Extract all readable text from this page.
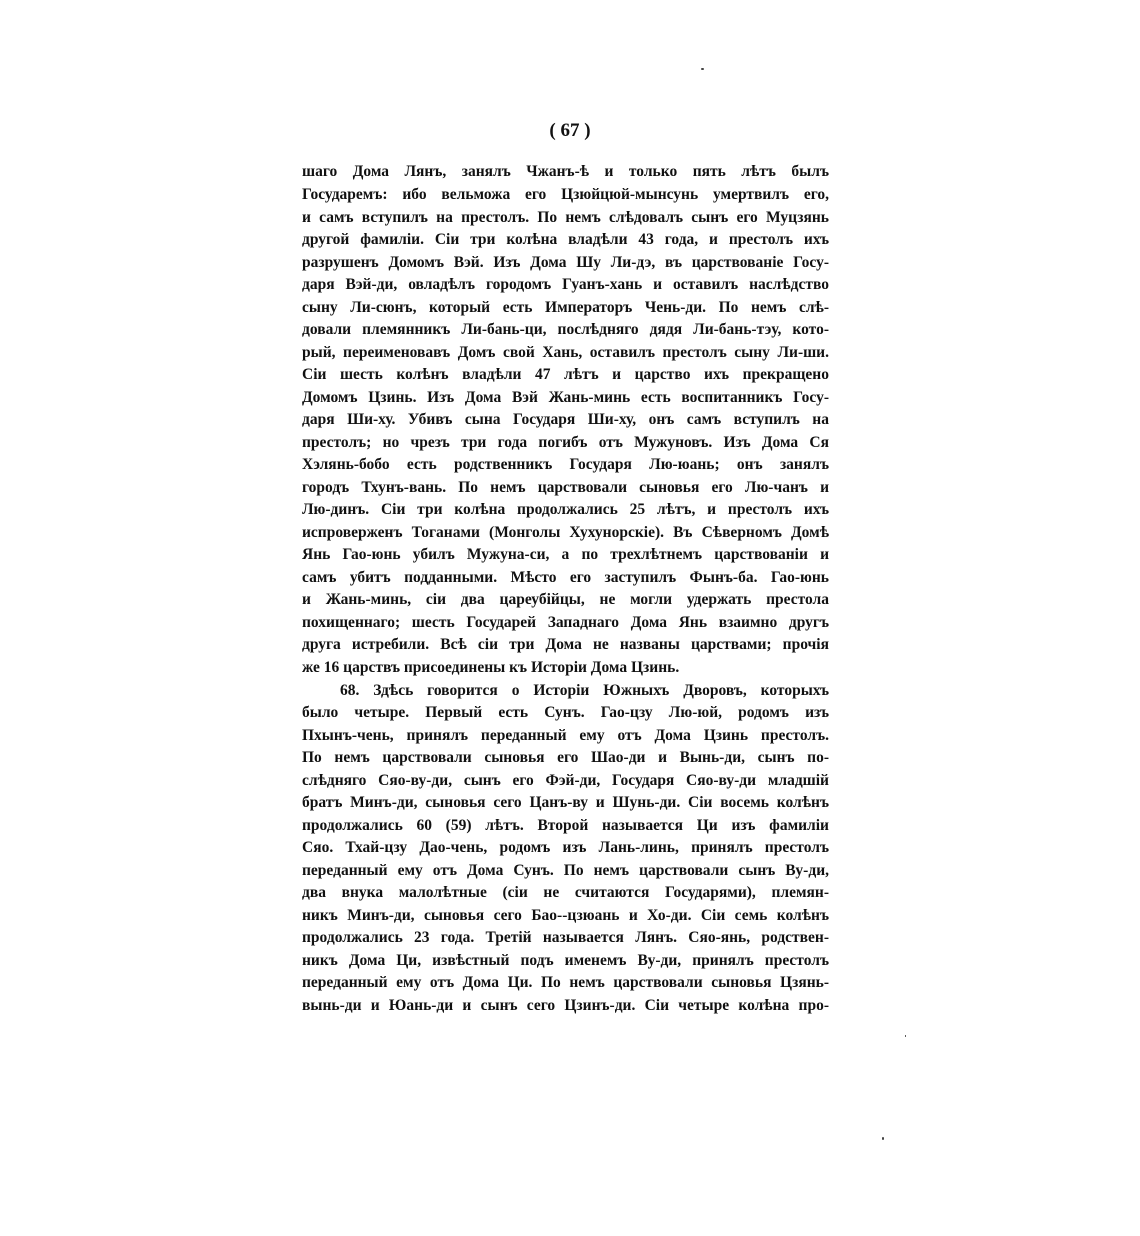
( 67 )
шаго Дома Лянъ, занялъ Чжанъ-ѣ и только пять лѣтъ былъ
Государемъ: ибо вельможа его Цзюйцюй-мынсунь умертвилъ его,
и самъ вступилъ на престолъ. По немъ слѣдовалъ сынъ его Муцзянь
другой фамиліи. Сіи три колѣна владѣли 43 года, и престолъ ихъ
разрушенъ Домомъ Вэй. Изъ Дома Шу Ли-дэ, въ царствованіе Госу-
даря Вэй-ди, овладѣлъ городомъ Гуанъ-хань и оставилъ наслѣдство
сыну Ли-сюнъ, который есть Императоръ Чень-ди. По немъ слѣ-
довали племянникъ Ли-бань-ци, послѣдняго дядя Ли-бань-тэу, кото-
рый, переименовавъ Домъ свой Хань, оставилъ престолъ сыну Ли-ши.
Сіи шесть колѣнъ владѣли 47 лѣтъ и царство ихъ прекращено
Домомъ Цзинь. Изъ Дома Вэй Жань-минь есть воспитанникъ Госу-
даря Ши-ху. Убивъ сына Государя Ши-ху, онъ самъ вступилъ на
престолъ; но чрезъ три года погибъ отъ Мужуновъ. Изъ Дома Ся
Хэлянь-бобо есть родственникъ Государя Лю-юань; онъ занялъ
городъ Тхунъ-вань. По немъ царствовали сыновья его Лю-чанъ и
Лю-динъ. Сіи три колѣна продолжались 25 лѣтъ, и престолъ ихъ
испроверженъ Тоганами (Монголы Хухунорскіе). Въ Сѣверномъ Домѣ
Янь Гао-юнь убилъ Мужуна-си, а по трехлѣтнемъ царствованіи и
самъ убитъ подданными. Мѣсто его заступилъ Фынъ-ба. Гао-юнь
и Жань-минь, сіи два цареубійцы, не могли удержать престола
похищеннаго; шесть Государей Западнаго Дома Янь взаимно другъ
друга истребили. Всѣ сіи три Дома не названы царствами; прочія
же 16 царствъ присоединены къ Исторіи Дома Цзинь.
68. Здѣсь говорится о Исторіи Южныхъ Дворовъ, которыхъ
было четыре. Первый есть Сунъ. Гао-цзу Лю-юй, родомъ изъ
Пхынъ-чень, принялъ переданный ему отъ Дома Цзинь престолъ.
По немъ царствовали сыновья его Шао-ди и Вынь-ди, сынъ по-
слѣдняго Сяо-ву-ди, сынъ его Фэй-ди, Государя Сяо-ву-ди младшій
братъ Минъ-ди, сыновья сего Цанъ-ву и Шунь-ди. Сіи восемь колѣнъ
продолжались 60 (59) лѣтъ. Второй называется Ци изъ фамиліи
Сяо. Тхай-цзу Дао-чень, родомъ изъ Лань-линь, принялъ престолъ
переданный ему отъ Дома Сунъ. По немъ царствовали сынъ Ву-ди,
два внука малолѣтные (сіи не считаются Государями), племян-
никъ Минъ-ди, сыновья сего Бао--цзюань и Хо-ди. Сіи семь колѣнъ
продолжались 23 года. Третій называется Лянъ. Сяо-янь, родствен-
никъ Дома Ци, извѣстный подъ именемъ Ву-ди, принялъ престолъ
переданный ему отъ Дома Ци. По немъ царствовали сыновья Цзянь-
вынь-ди и Юань-ди и сынъ сего Цзинъ-ди. Сіи четыре колѣна про-
